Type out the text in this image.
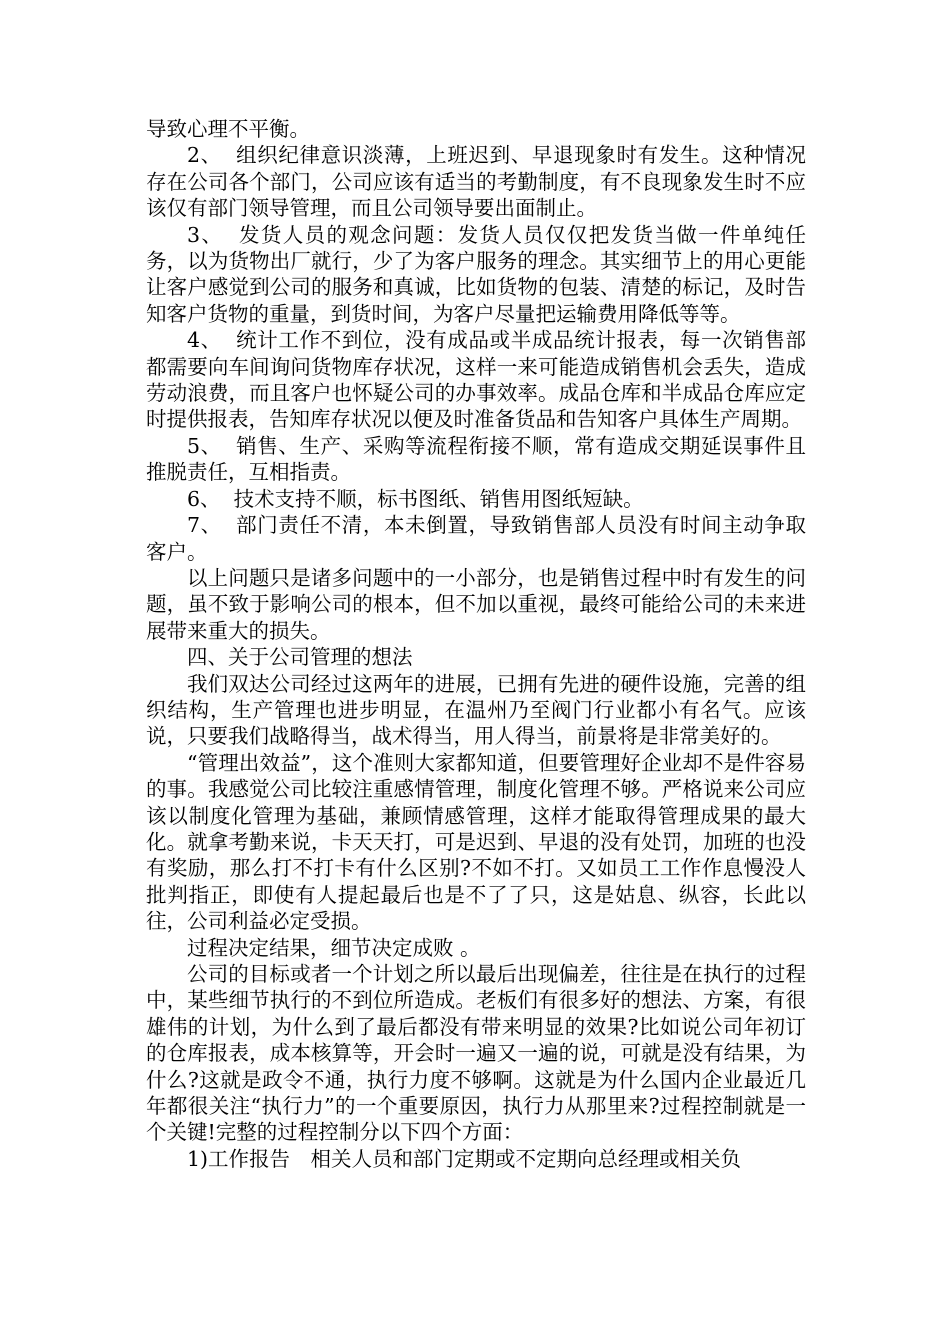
导致心理不平衡。

2、  组织纪律意识淡薄，上班迟到、早退现象时有发生。这种情况存在公司各个部门，公司应该有适当的考勤制度，有不良现象发生时不应该仅有部门领导管理，而且公司领导要出面制止。

3、  发货人员的观念问题：发货人员仅仅把发货当做一件单纯任务，以为货物出厂就行，少了为客户服务的理念。其实细节上的用心更能让客户感觉到公司的服务和真诚，比如货物的包装、清楚的标记，及时告知客户货物的重量，到货时间，为客户尽量把运输费用降低等等。

4、  统计工作不到位，没有成品或半成品统计报表，每一次销售部都需要向车间询问货物库存状况，这样一来可能造成销售机会丢失，造成劳动浪费，而且客户也怀疑公司的办事效率。成品仓库和半成品仓库应定时提供报表，告知库存状况以便及时准备货品和告知客户具体生产周期。

5、  销售、生产、采购等流程衔接不顺，常有造成交期延误事件且推脱责任，互相指责。

6、  技术支持不顺，标书图纸、销售用图纸短缺。

7、  部门责任不清，本未倒置，导致销售部人员没有时间主动争取客户。

以上问题只是诸多问题中的一小部分，也是销售过程中时有发生的问题，虽不致于影响公司的根本，但不加以重视，最终可能给公司的未来进展带来重大的损失。

四、关于公司管理的想法

我们双达公司经过这两年的进展，已拥有先进的硬件设施，完善的组织结构，生产管理也进步明显，在温州乃至阀门行业都小有名气。应该说，只要我们战略得当，战术得当，用人得当，前景将是非常美好的。

“管理出效益”，这个准则大家都知道，但要管理好企业却不是件容易的事。我感觉公司比较注重感情管理，制度化管理不够。严格说来公司应该以制度化管理为基础，兼顾情感管理，这样才能取得管理成果的最大化。就拿考勤来说，卡天天打，可是迟到、早退的没有处罚，加班的也没有奖励，那么打不打卡有什么区别?不如不打。又如员工工作作息慢没人批判指正，即使有人提起最后也是不了了只，这是姑息、纵容，长此以往，公司利益必定受损。

过程决定结果，细节决定成败 。

公司的目标或者一个计划之所以最后出现偏差，往往是在执行的过程中，某些细节执行的不到位所造成。老板们有很多好的想法、方案，有很雄伟的计划，为什么到了最后都没有带来明显的效果?比如说公司年初订的仓库报表，成本核算等，开会时一遍又一遍的说，可就是没有结果，为什么?这就是政令不通，执行力度不够啊。这就是为什么国内企业最近几年都很关注“执行力”的一个重要原因，执行力从那里来?过程控制就是一个关键!完整的过程控制分以下四个方面：

1)工作报告　相关人员和部门定期或不定期向总经理或相关负
